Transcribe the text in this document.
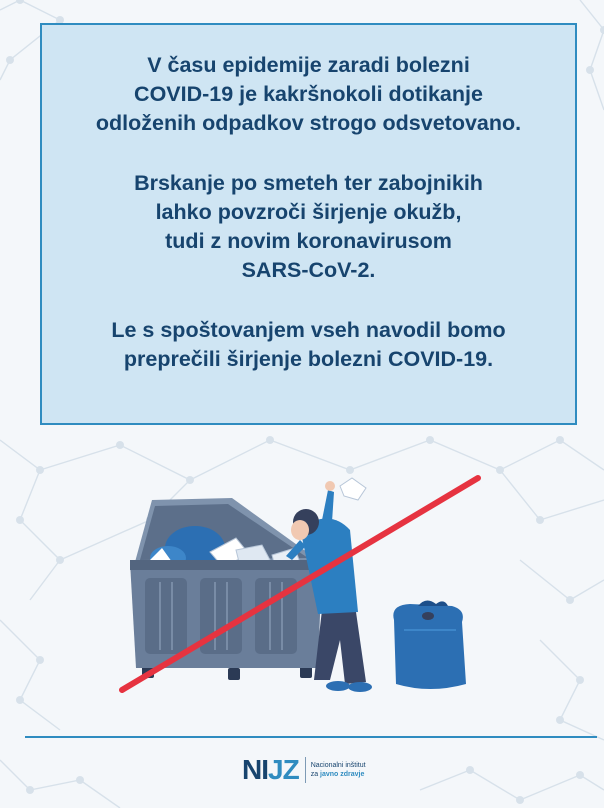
V času epidemije zaradi bolezni
COVID-19 je kakršnokoli dotikanje
odloženih odpadkov strogo odsvetovano.

Brskanje po smeteh ter zabojnikih
lahko povzroči širjenje okužb,
tudi z novim koronavirusom
SARS-CoV-2.

Le s spoštovanjem vseh navodil bomo
preprečili širjenje bolezni COVID-19.

NIJZ Nacionalni inštitut
za javno zdravje
